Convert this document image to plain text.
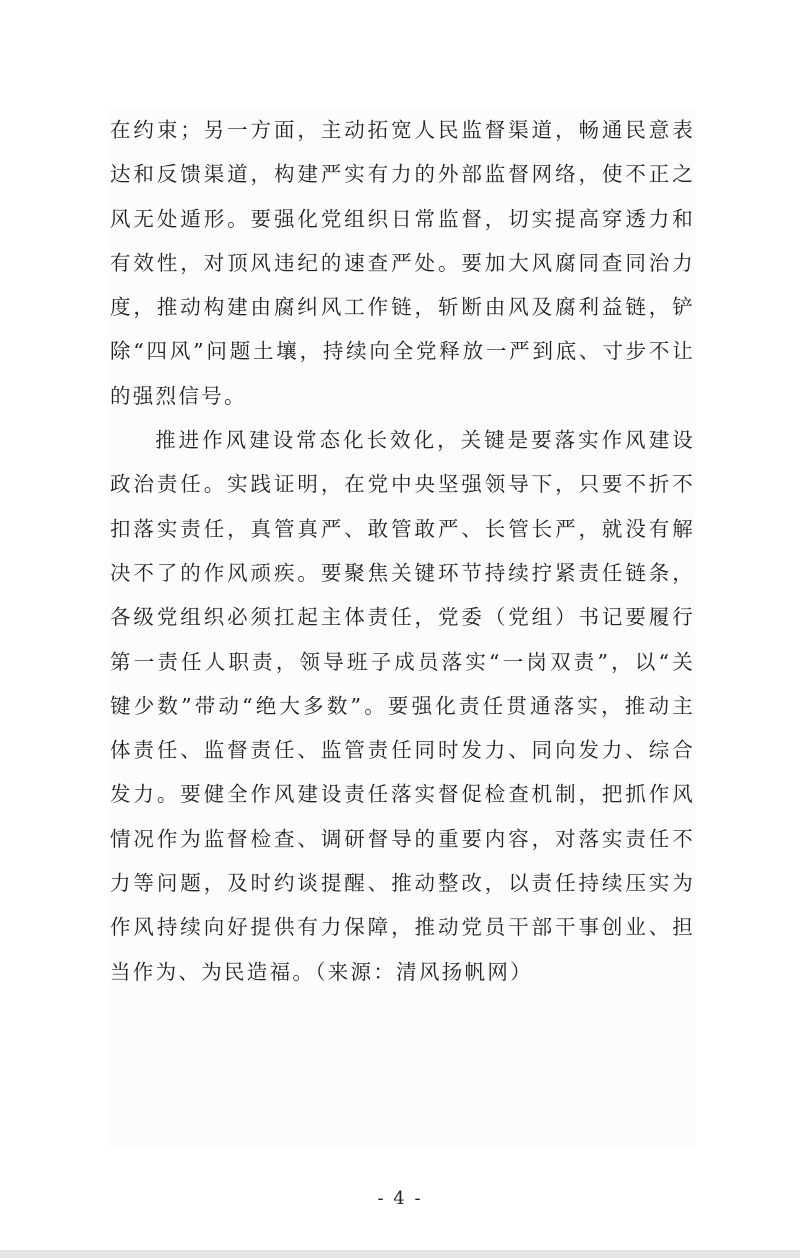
在约束；另一方面，主动拓宽人民监督渠道，畅通民意表达和反馈渠道，构建严实有力的外部监督网络，使不正之风无处遁形。要强化党组织日常监督，切实提高穿透力和有效性，对顶风违纪的速查严处。要加大风腐同查同治力度，推动构建由腐纠风工作链，斩断由风及腐利益链，铲除“四风”问题土壤，持续向全党释放一严到底、寸步不让的强烈信号。

推进作风建设常态化长效化，关键是要落实作风建设政治责任。实践证明，在党中央坚强领导下，只要不折不扣落实责任，真管真严、敢管敢严、长管长严，就没有解决不了的作风顽疾。要聚焦关键环节持续拧紧责任链条，各级党组织必须扛起主体责任，党委（党组）书记要履行第一责任人职责，领导班子成员落实“一岗双责”，以“关键少数”带动“绝大多数”。要强化责任贯通落实，推动主体责任、监督责任、监管责任同时发力、同向发力、综合发力。要健全作风建设责任落实督促检查机制，把抓作风情况作为监督检查、调研督导的重要内容，对落实责任不力等问题，及时约谈提醒、推动整改，以责任持续压实为作风持续向好提供有力保障，推动党员干部干事创业、担当作为、为民造福。（来源：清风扬帆网）

- 4 -
